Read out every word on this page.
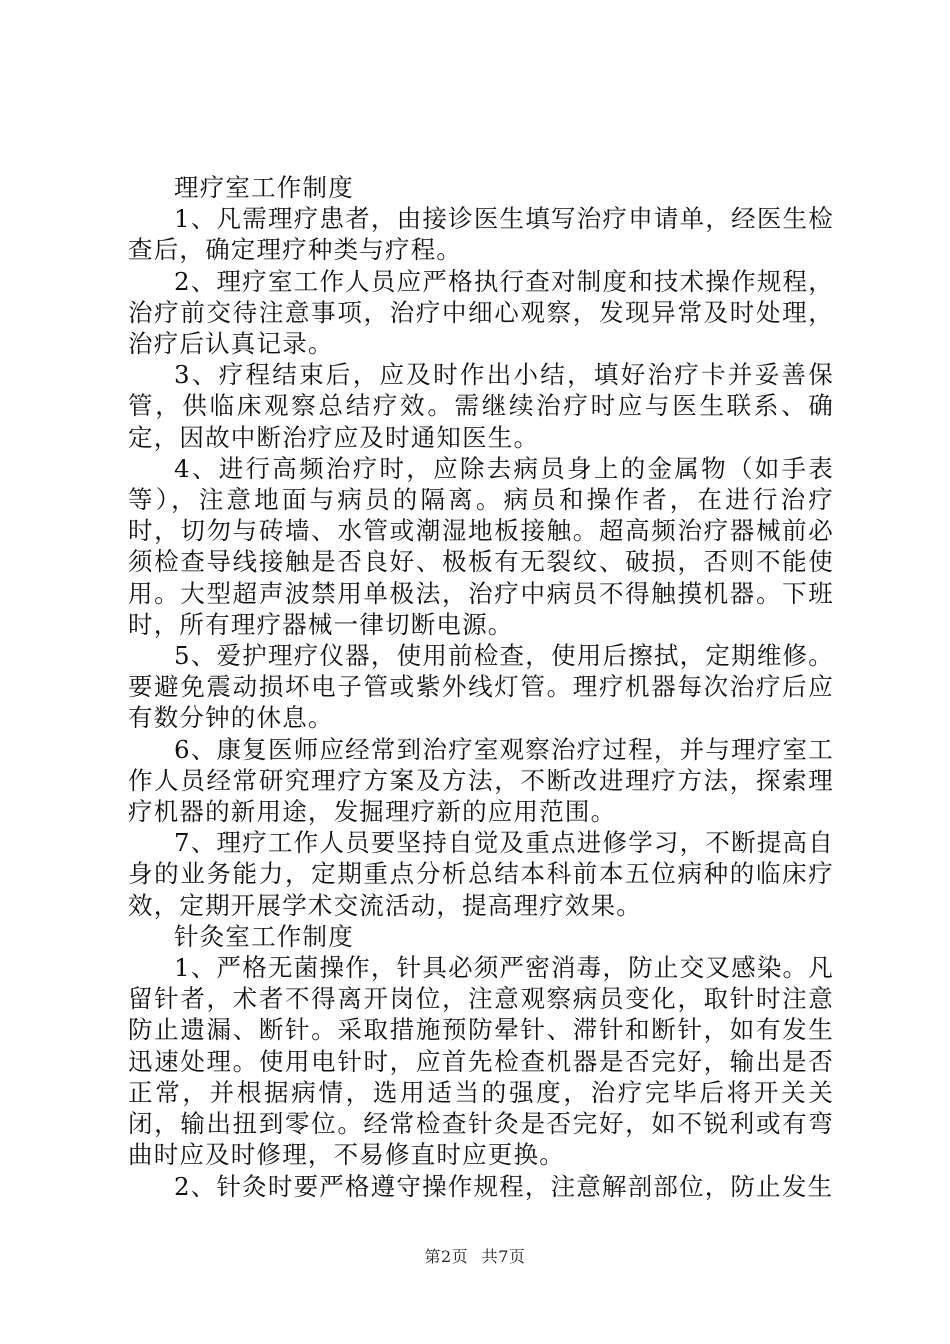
理疗室工作制度

1、凡需理疗患者，由接诊医生填写治疗申请单，经医生检查后，确定理疗种类与疗程。

2、理疗室工作人员应严格执行查对制度和技术操作规程，治疗前交待注意事项，治疗中细心观察，发现异常及时处理，治疗后认真记录。

3、疗程结束后，应及时作出小结，填好治疗卡并妥善保管，供临床观察总结疗效。需继续治疗时应与医生联系、确定，因故中断治疗应及时通知医生。

4、进行高频治疗时，应除去病员身上的金属物（如手表等），注意地面与病员的隔离。病员和操作者，在进行治疗时，切勿与砖墙、水管或潮湿地板接触。超高频治疗器械前必须检查导线接触是否良好、极板有无裂纹、破损，否则不能使用。大型超声波禁用单极法，治疗中病员不得触摸机器。下班时，所有理疗器械一律切断电源。

5、爱护理疗仪器，使用前检查，使用后擦拭，定期维修。要避免震动损坏电子管或紫外线灯管。理疗机器每次治疗后应有数分钟的休息。

6、康复医师应经常到治疗室观察治疗过程，并与理疗室工作人员经常研究理疗方案及方法，不断改进理疗方法，探索理疗机器的新用途，发掘理疗新的应用范围。

7、理疗工作人员要坚持自觉及重点进修学习，不断提高自身的业务能力，定期重点分析总结本科前本五位病种的临床疗效，定期开展学术交流活动，提高理疗效果。

针灸室工作制度

1、严格无菌操作，针具必须严密消毒，防止交叉感染。凡留针者，术者不得离开岗位，注意观察病员变化，取针时注意防止遗漏、断针。采取措施预防晕针、滞针和断针，如有发生迅速处理。使用电针时，应首先检查机器是否完好，输出是否正常，并根据病情，选用适当的强度，治疗完毕后将开关关闭，输出扭到零位。经常检查针灸是否完好，如不锐利或有弯曲时应及时修理，不易修直时应更换。

2、针灸时要严格遵守操作规程，注意解剖部位，防止发生

第2页 共7页
